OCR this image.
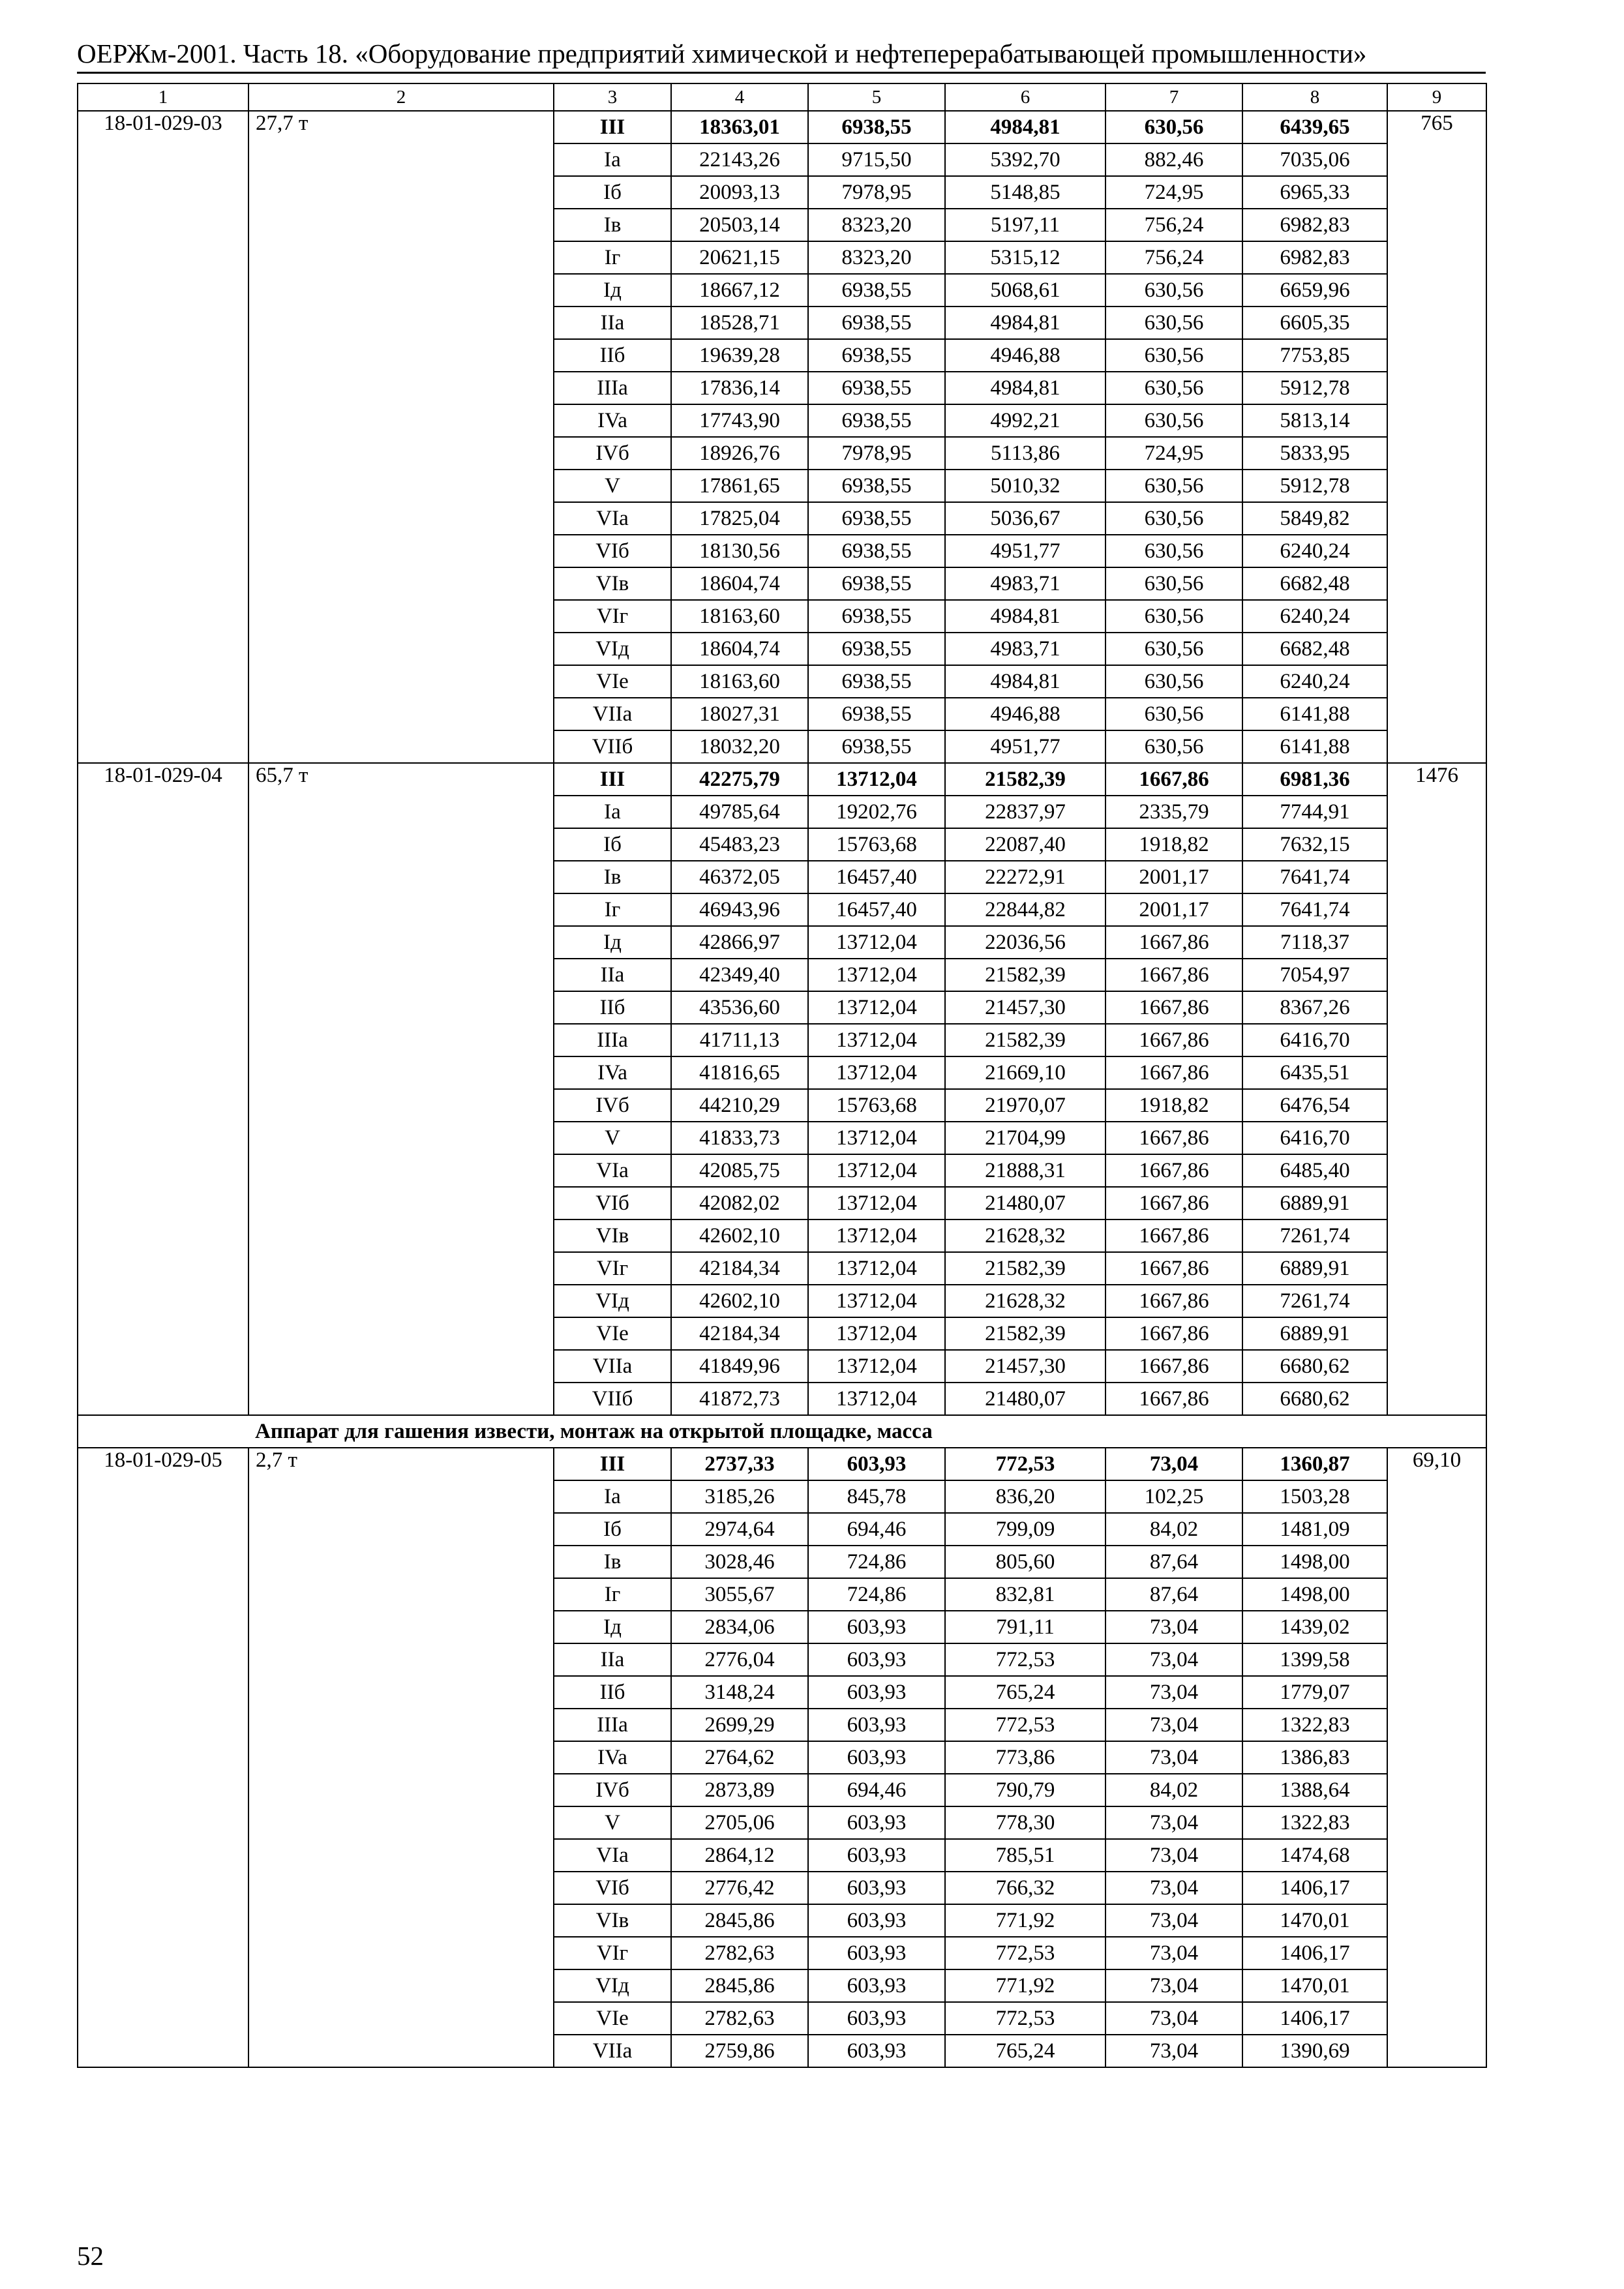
ОЕРЖм-2001. Часть 18. «Оборудование предприятий химической и нефтеперерабатывающей промышленности»
1	2	3	4	5	6	7	8	9
18-01-029-03	27,7 т	III	18363,01	6938,55	4984,81	630,56	6439,65	765
		Ia	22143,26	9715,50	5392,70	882,46	7035,06	
		Iб	20093,13	7978,95	5148,85	724,95	6965,33	
		Iв	20503,14	8323,20	5197,11	756,24	6982,83	
		Iг	20621,15	8323,20	5315,12	756,24	6982,83	
		Iд	18667,12	6938,55	5068,61	630,56	6659,96	
		IIa	18528,71	6938,55	4984,81	630,56	6605,35	
		IIб	19639,28	6938,55	4946,88	630,56	7753,85	
		IIIa	17836,14	6938,55	4984,81	630,56	5912,78	
		IVa	17743,90	6938,55	4992,21	630,56	5813,14	
		IVб	18926,76	7978,95	5113,86	724,95	5833,95	
		V	17861,65	6938,55	5010,32	630,56	5912,78	
		VIa	17825,04	6938,55	5036,67	630,56	5849,82	
		VIб	18130,56	6938,55	4951,77	630,56	6240,24	
		VIв	18604,74	6938,55	4983,71	630,56	6682,48	
		VIг	18163,60	6938,55	4984,81	630,56	6240,24	
		VIд	18604,74	6938,55	4983,71	630,56	6682,48	
		VIe	18163,60	6938,55	4984,81	630,56	6240,24	
		VIIa	18027,31	6938,55	4946,88	630,56	6141,88	
		VIIб	18032,20	6938,55	4951,77	630,56	6141,88	
18-01-029-04	65,7 т	III	42275,79	13712,04	21582,39	1667,86	6981,36	1476
		Ia	49785,64	19202,76	22837,97	2335,79	7744,91	
		Iб	45483,23	15763,68	22087,40	1918,82	7632,15	
		Iв	46372,05	16457,40	22272,91	2001,17	7641,74	
		Iг	46943,96	16457,40	22844,82	2001,17	7641,74	
		Iд	42866,97	13712,04	22036,56	1667,86	7118,37	
		IIa	42349,40	13712,04	21582,39	1667,86	7054,97	
		IIб	43536,60	13712,04	21457,30	1667,86	8367,26	
		IIIa	41711,13	13712,04	21582,39	1667,86	6416,70	
		IVa	41816,65	13712,04	21669,10	1667,86	6435,51	
		IVб	44210,29	15763,68	21970,07	1918,82	6476,54	
		V	41833,73	13712,04	21704,99	1667,86	6416,70	
		VIa	42085,75	13712,04	21888,31	1667,86	6485,40	
		VIб	42082,02	13712,04	21480,07	1667,86	6889,91	
		VIв	42602,10	13712,04	21628,32	1667,86	7261,74	
		VIг	42184,34	13712,04	21582,39	1667,86	6889,91	
		VIд	42602,10	13712,04	21628,32	1667,86	7261,74	
		VIe	42184,34	13712,04	21582,39	1667,86	6889,91	
		VIIa	41849,96	13712,04	21457,30	1667,86	6680,62	
		VIIб	41872,73	13712,04	21480,07	1667,86	6680,62	
	Аппарат для гашения извести, монтаж на открытой площадке, масса							
18-01-029-05	2,7 т	III	2737,33	603,93	772,53	73,04	1360,87	69,10
		Ia	3185,26	845,78	836,20	102,25	1503,28	
		Iб	2974,64	694,46	799,09	84,02	1481,09	
		Iв	3028,46	724,86	805,60	87,64	1498,00	
		Iг	3055,67	724,86	832,81	87,64	1498,00	
		Iд	2834,06	603,93	791,11	73,04	1439,02	
		IIa	2776,04	603,93	772,53	73,04	1399,58	
		IIб	3148,24	603,93	765,24	73,04	1779,07	
		IIIa	2699,29	603,93	772,53	73,04	1322,83	
		IVa	2764,62	603,93	773,86	73,04	1386,83	
		IVб	2873,89	694,46	790,79	84,02	1388,64	
		V	2705,06	603,93	778,30	73,04	1322,83	
		VIa	2864,12	603,93	785,51	73,04	1474,68	
		VIб	2776,42	603,93	766,32	73,04	1406,17	
		VIв	2845,86	603,93	771,92	73,04	1470,01	
		VIг	2782,63	603,93	772,53	73,04	1406,17	
		VIд	2845,86	603,93	771,92	73,04	1470,01	
		VIe	2782,63	603,93	772,53	73,04	1406,17	
		VIIa	2759,86	603,93	765,24	73,04	1390,69	
52
